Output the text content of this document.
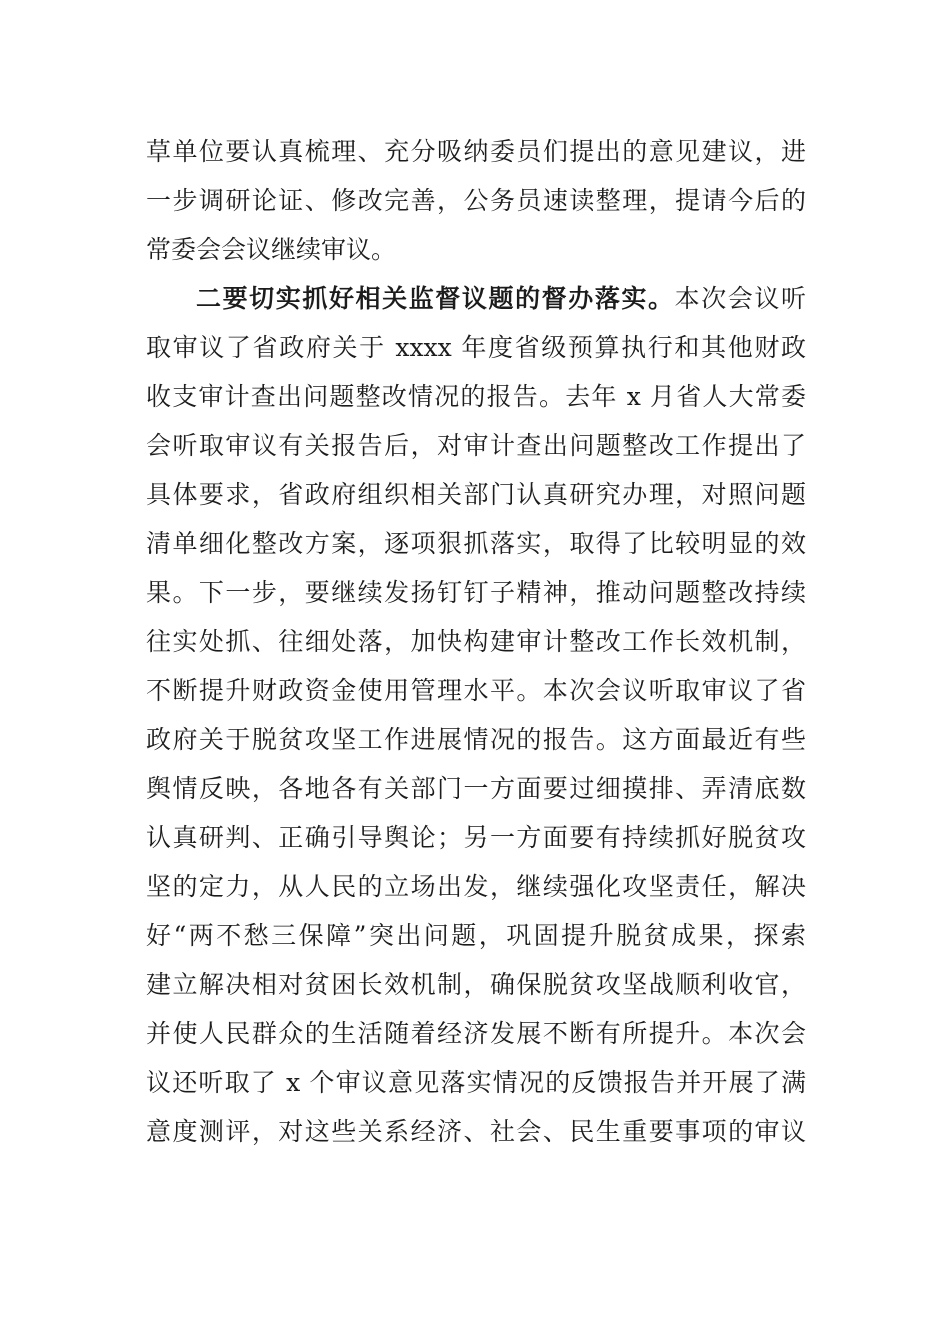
草单位要认真梳理、充分吸纳委员们提出的意见建议，进

一步调研论证、修改完善，公务员速读整理，提请今后的

常委会会议继续审议。

二要切实抓好相关监督议题的督办落实。本次会议听

取审议了省政府关于 xxxx 年度省级预算执行和其他财政

收支审计查出问题整改情况的报告。去年 x 月省人大常委

会听取审议有关报告后，对审计查出问题整改工作提出了

具体要求，省政府组织相关部门认真研究办理，对照问题

清单细化整改方案，逐项狠抓落实，取得了比较明显的效

果。下一步，要继续发扬钉钉子精神，推动问题整改持续

往实处抓、往细处落，加快构建审计整改工作长效机制，

不断提升财政资金使用管理水平。本次会议听取审议了省

政府关于脱贫攻坚工作进展情况的报告。这方面最近有些

舆情反映，各地各有关部门一方面要过细摸排、弄清底数

认真研判、正确引导舆论；另一方面要有持续抓好脱贫攻

坚的定力，从人民的立场出发，继续强化攻坚责任，解决

好“两不愁三保障”突出问题，巩固提升脱贫成果，探索

建立解决相对贫困长效机制，确保脱贫攻坚战顺利收官，

并使人民群众的生活随着经济发展不断有所提升。本次会

议还听取了 x 个审议意见落实情况的反馈报告并开展了满

意度测评，对这些关系经济、社会、民生重要事项的审议
